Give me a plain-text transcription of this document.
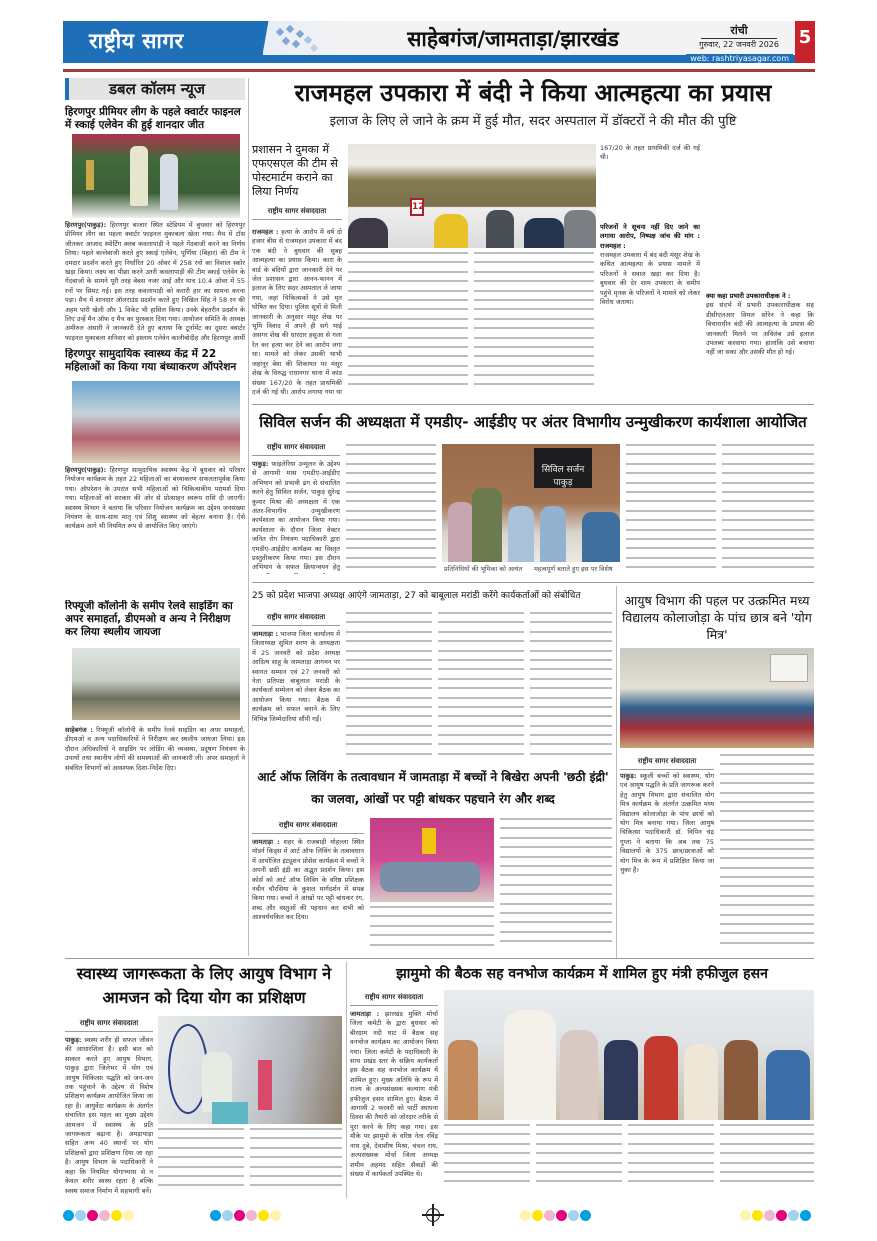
राष्ट्रीय सागर	साहेबगंज/जामताड़ा/झारखंड	रांची
गुरुवार, 22 जनवरी 2026
web: rashtriyasagar.com
5
डबल कॉलम न्यूज
हिरणपुर प्रीमियर लीग के पहले क्वार्टर फाइनल में स्काई एलेवेन की हुई शानदार जीत
हिरणपुर(पाकुड़): हिरणपुर बाजार स्थित स्टेडियम में बुधवार को हिरणपुर प्रीमियर लीग का पहला क्वार्टर फाइनल मुकाबला खेला गया। मैच में टॉस जीतकर आजाद स्पोर्टिंग क्लब कवलापाड़ी ने पहले गेंदबाजी करने का निर्णय लिया। पहले बल्लेबाजी करते हुए स्काई एलेवेन, पूर्णिया (बिहार) की टीम ने दमदार प्रदर्शन करते हुए निर्धारित 20 ओवर में 258 रनों का विशाल स्कोर खड़ा किया। लक्ष्य का पीछा करने उतरी कवलापाड़ी की टीम स्काई एलेवेन के गेंदबाजों के सामने पूरी तरह बेबस नजर आई और मात्र 10.4 ओवर में 55 रनों पर सिमट गई। इस तरह कवलापाड़ी को करारी हार का सामना करना पड़ा। मैच में शानदार ऑलराउंड प्रदर्शन करते हुए निखिल सिंह ने 58 रन की अहम पारी खेली और 1 विकेट भी हासिल किया। उनके बेहतरीन प्रदर्शन के लिए उन्हें मैन ऑफ द मैच का पुरस्कार दिया गया। आयोजन समिति के अध्यक्ष अमीरुल अंसारी ने जानकारी देते हुए बताया कि टूर्नामेंट का दूसरा क्वार्टर फाइनल मुकाबला शनिवार को इस्लाम एलेवेन कालीबोदीह और हिरणपुर आर्मी
हिरणपुर सामुदायिक स्वास्थ्य केंद्र में 22 महिलाओं का किया गया बंध्याकरण ऑपरेशन
हिरणपुर(पाकुड़): हिरणपुर सामुदायिक स्वास्थ्य केंद्र में बुधवार को परिवार नियोजन कार्यक्रम के तहत 22 महिलाओं का बंध्याकरण सफलतापूर्वक किया गया। ऑपरेशन के उपरांत सभी महिलाओं को चिकित्सकीय परामर्श दिया गया। महिलाओं को सरकार की ओर से प्रोत्साहन स्वरूप राशि दी जाएगी। स्वास्थ्य विभाग ने बताया कि परिवार नियोजन कार्यक्रम का उद्देश्य जनसंख्या नियंत्रण के साथ-साथ मातृ एवं शिशु स्वास्थ्य को बेहतर बनाना है। ऐसे कार्यक्रम आगे भी नियमित रूप से आयोजित किए जाएंगे।
रिफ्यूजी कॉलोनी के समीप रेलवे साइडिंग का अपर समाहर्ता, डीएमओ व अन्य ने निरीक्षण कर लिया स्थलीय जायजा
साहेबगंज : रिफ्यूजी कॉलोनी के समीप रेलवे साइडिंग का अपर समाहर्ता, डीएमओ व अन्य पदाधिकारियों ने निरीक्षण कर स्थलीय जायजा लिया। इस दौरान अधिकारियों ने साइडिंग पर लोडिंग की व्यवस्था, प्रदूषण नियंत्रण के उपायों तथा स्थानीय लोगों की समस्याओं की जानकारी ली। अपर समाहर्ता ने संबंधित विभागों को आवश्यक दिशा-निर्देश दिए।
राजमहल उपकारा में बंदी ने किया आत्महत्या का प्रयास
इलाज के लिए ले जाने के क्रम में हुई मौत, सदर अस्पताल में डॉक्टरों ने की मौत की पुष्टि
प्रशासन ने दुमका में एफएसएल की टीम से पोस्टमार्टम कराने का लिया निर्णय
राष्ट्रीय सागर संवाददाता	12
राजमहल : हत्या के आरोप में वर्ष दो हजार बीस से राजमहल उपकारा में बंद एक बंदी ने बुधवार की सुबह आत्महत्या का प्रयास किया। कारा के वार्ड के बंदियों द्वारा जानकारी देने पर जेल प्रशासन द्वारा आनन-फानन में इलाज के लिए सदर अस्पताल ले जाया गया, जहां चिकित्सकों ने उसे मृत घोषित कर दिया। पुलिस सूत्रों से मिली जानकारी के अनुसार मंसूर शेख पर भूमि विवाद में अपने ही सगे भाई असगर शेख की धारदार हसुआ से गला रेत कर हत्या कर देने का आरोप लगा था। मामले को लेकर उसकी भाभी जहांनूर बेवा की शिकायत पर मंसूर शेख के विरुद्ध राधानगर थाना में कांड संख्या 167/20 के तहत प्राथमिकी दर्ज की गई थी। आरोप लगाया गया था
167/20 के तहत प्राथमिकी दर्ज की गई थी।
परिजनों ने सूचना नहीं दिए जाने का लगाया आरोप, निष्पक्ष जांच की मांग : राजमहल :
राजमहल उपकारा में बंद बंदी मंसूर शेख के कथित आत्महत्या के प्रयास मामले में परिजनों ने सवाल खड़ा कर दिया है। बुधवार की देर शाम उपकारा के समीप पहुंचे मृतक के परिजनों ने मामले को लेकर विरोध जताया।
क्या कहा प्रभारी उपकाराधीक्षक ने :
इस संदर्भ में प्रभारी उपकाराधीक्षक सह डीसीएलआर विमल सोरेन ने कहा कि विचाराधीन बंदी की आत्महत्या के प्रयास की जानकारी मिलने पर अविलंब उसे इलाज उपलब्ध करवाया गया। हालांकि उसे बचाया नहीं जा सका और उसकी मौत हो गई।
सिविल सर्जन की अध्यक्षता में एमडीए- आईडीए पर अंतर विभागीय उन्मुखीकरण कार्यशाला आयोजित
राष्ट्रीय सागर संवाददाता
पाकुड़: फाइलेरिया उन्मूलन के उद्देश्य से आगामी मास एमडीए-आईडीए अभियान को प्रभावी ढंग से संचालित करने हेतु सिविल सर्जन, पाकुड़ सुरेन्द्र कुमार मिश्रा की अध्यक्षता में एक अंतर-विभागीय उन्मुखीकरण कार्यशाला का आयोजन किया गया। कार्यशाला के दौरान जिला वेक्टर जनित रोग नियंत्रण पदाधिकारी द्वारा एमडीए-आईडीए कार्यक्रम का विस्तृत प्रस्तुतीकरण किया गया। इस दौरान अभियान के सफल क्रियान्वयन हेतु
सिविल सर्जन पाकुड़
प्रतिनिधियों की भूमिका को अत्यंत	महत्वपूर्ण बताते हुए इस पर विशेष
25 को प्रदेश भाजपा अध्यक्ष आएंगे जामताड़ा, 27 को बाबूलाल मरांडी करेंगे कार्यकर्ताओं को संबोधित
राष्ट्रीय सागर संवाददाता
जामताड़ा : भाजपा जिला कार्यालय में जिलाध्यक्ष सुमित शरण के अध्यक्षता में 25 जनवरी को प्रदेश अध्यक्ष आदित्य साहू के जामताड़ा आगमन पर स्वागत सम्मान एवं 27 जनवरी को नेता प्रतिपक्ष बाबूलाल मरांडी के कार्यकर्ता सम्मेलन को लेकर बैठक का आयोजन किया गया। बैठक में कार्यक्रम को सफल बनाने के लिए विभिन्न जिम्मेदारियां सौंपी गईं।
आयुष विभाग की पहल पर उत्क्रमित मध्य विद्यालय कोलाजोड़ा के पांच छात्र बने 'योग मित्र'
राष्ट्रीय सागर संवाददाता
पाकुड़: स्कूली बच्चों को स्वास्थ्य, योग एवं आयुष पद्धति के प्रति जागरूक करने हेतु आयुष विभाग द्वारा संचालित योग मित्र कार्यक्रम के अंतर्गत उत्क्रमित मध्य विद्यालय कोलाजोड़ा के पांच छात्रों को योग मित्र बनाया गया। जिला आयुष चिकित्सा पदाधिकारी डॉ. विपिन चंद्र गुप्ता ने बताया कि अब तक 75 विद्यालयों के 375 छात्र/छात्राओं को योग मित्र के रूप में प्रशिक्षित किया जा चुका है।
आर्ट ऑफ लिविंग के तत्वावधान में जामताड़ा में बच्चों ने बिखेरा अपनी 'छठी इंद्री' का जलवा, आंखों पर पट्टी बांधकर पहचाने रंग और शब्द
राष्ट्रीय सागर संवाददाता
जामताड़ा : शहर के राजबाड़ी मोहल्ला स्थित मॉडर्न किड्स में आर्ट ऑफ लिविंग के तत्वावधान में आयोजित इंट्यूशन प्रोसेस कार्यक्रम में बच्चों ने अपनी छठी इंद्री का अद्भुत प्रदर्शन किया। इस कोर्स को आर्ट ऑफ लिविंग के वरिष्ठ प्रशिक्षक नवीन चौरसिया के कुशल मार्गदर्शन में संपन्न किया गया। बच्चों ने आंखों पर पट्टी बांधकर रंग, शब्द और वस्तुओं की पहचान कर सभी को आश्चर्यचकित कर दिया।
स्वास्थ्य जागरूकता के लिए आयुष विभाग ने आमजन को दिया योग का प्रशिक्षण
राष्ट्रीय सागर संवाददाता
पाकुड़: स्वस्थ शरीर ही सफल जीवन की आधारशिला है। इसी बात को साकार करते हुए आयुष विभाग, पाकुड़ द्वारा जिलेभर में योग एवं आयुष चिकित्सा पद्धति को जन-जन तक पहुंचाने के उद्देश्य से विशेष प्रशिक्षण कार्यक्रम आयोजित किया जा रहा है। आयुर्वेदा कार्यक्रम के अंतर्गत संचालित इस पहल का मुख्य उद्देश्य आमजन में स्वास्थ्य के प्रति जागरूकता बढ़ाना है। अमड़ापाड़ा सहित अन्य 40 स्थानों पर योग प्रशिक्षकों द्वारा प्रशिक्षण दिया जा रहा है। आयुष विभाग के पदाधिकारी ने कहा कि नियमित योगाभ्यास से न केवल शरीर स्वस्थ रहता है बल्कि स्वस्थ समाज निर्माण में सहभागी बनें।
झामुमो की बैठक सह वनभोज कार्यक्रम में शामिल हुए मंत्री हफीजुल हसन
राष्ट्रीय सागर संवाददाता
जामताड़ा : झारखंड मुक्ति मोर्चा जिला कमेटी के द्वारा बुधवार को बीरग्राम नदी घाट में बैठक सह वनभोज कार्यक्रम का आयोजन किया गया। जिला कमेटी के पदाधिकारी के साथ प्रखंड स्तर के सक्रिय कार्यकर्ता इस बैठक सह वनभोज कार्यक्रम में शामिल हुए। मुख्य अतिथि के रूप में राज्य के अल्पसंख्यक कल्याण मंत्री हफीजुल हसन शामिल हुए। बैठक में आगामी 2 फरवरी को पार्टी स्थापना दिवस की तैयारी को जोरदार तरीके से पूरा करने के लिए कहा गया। इस मौके पर झामुमो के वरिष्ठ नेता रविंद्र नाथ दुबे, देवाशीष मिश्रा, चंचल राय, अल्पसंख्यक मोर्चा जिला अध्यक्ष शमीम अहमद सहित सैकड़ों की संख्या में कार्यकर्ता उपस्थित थे।
